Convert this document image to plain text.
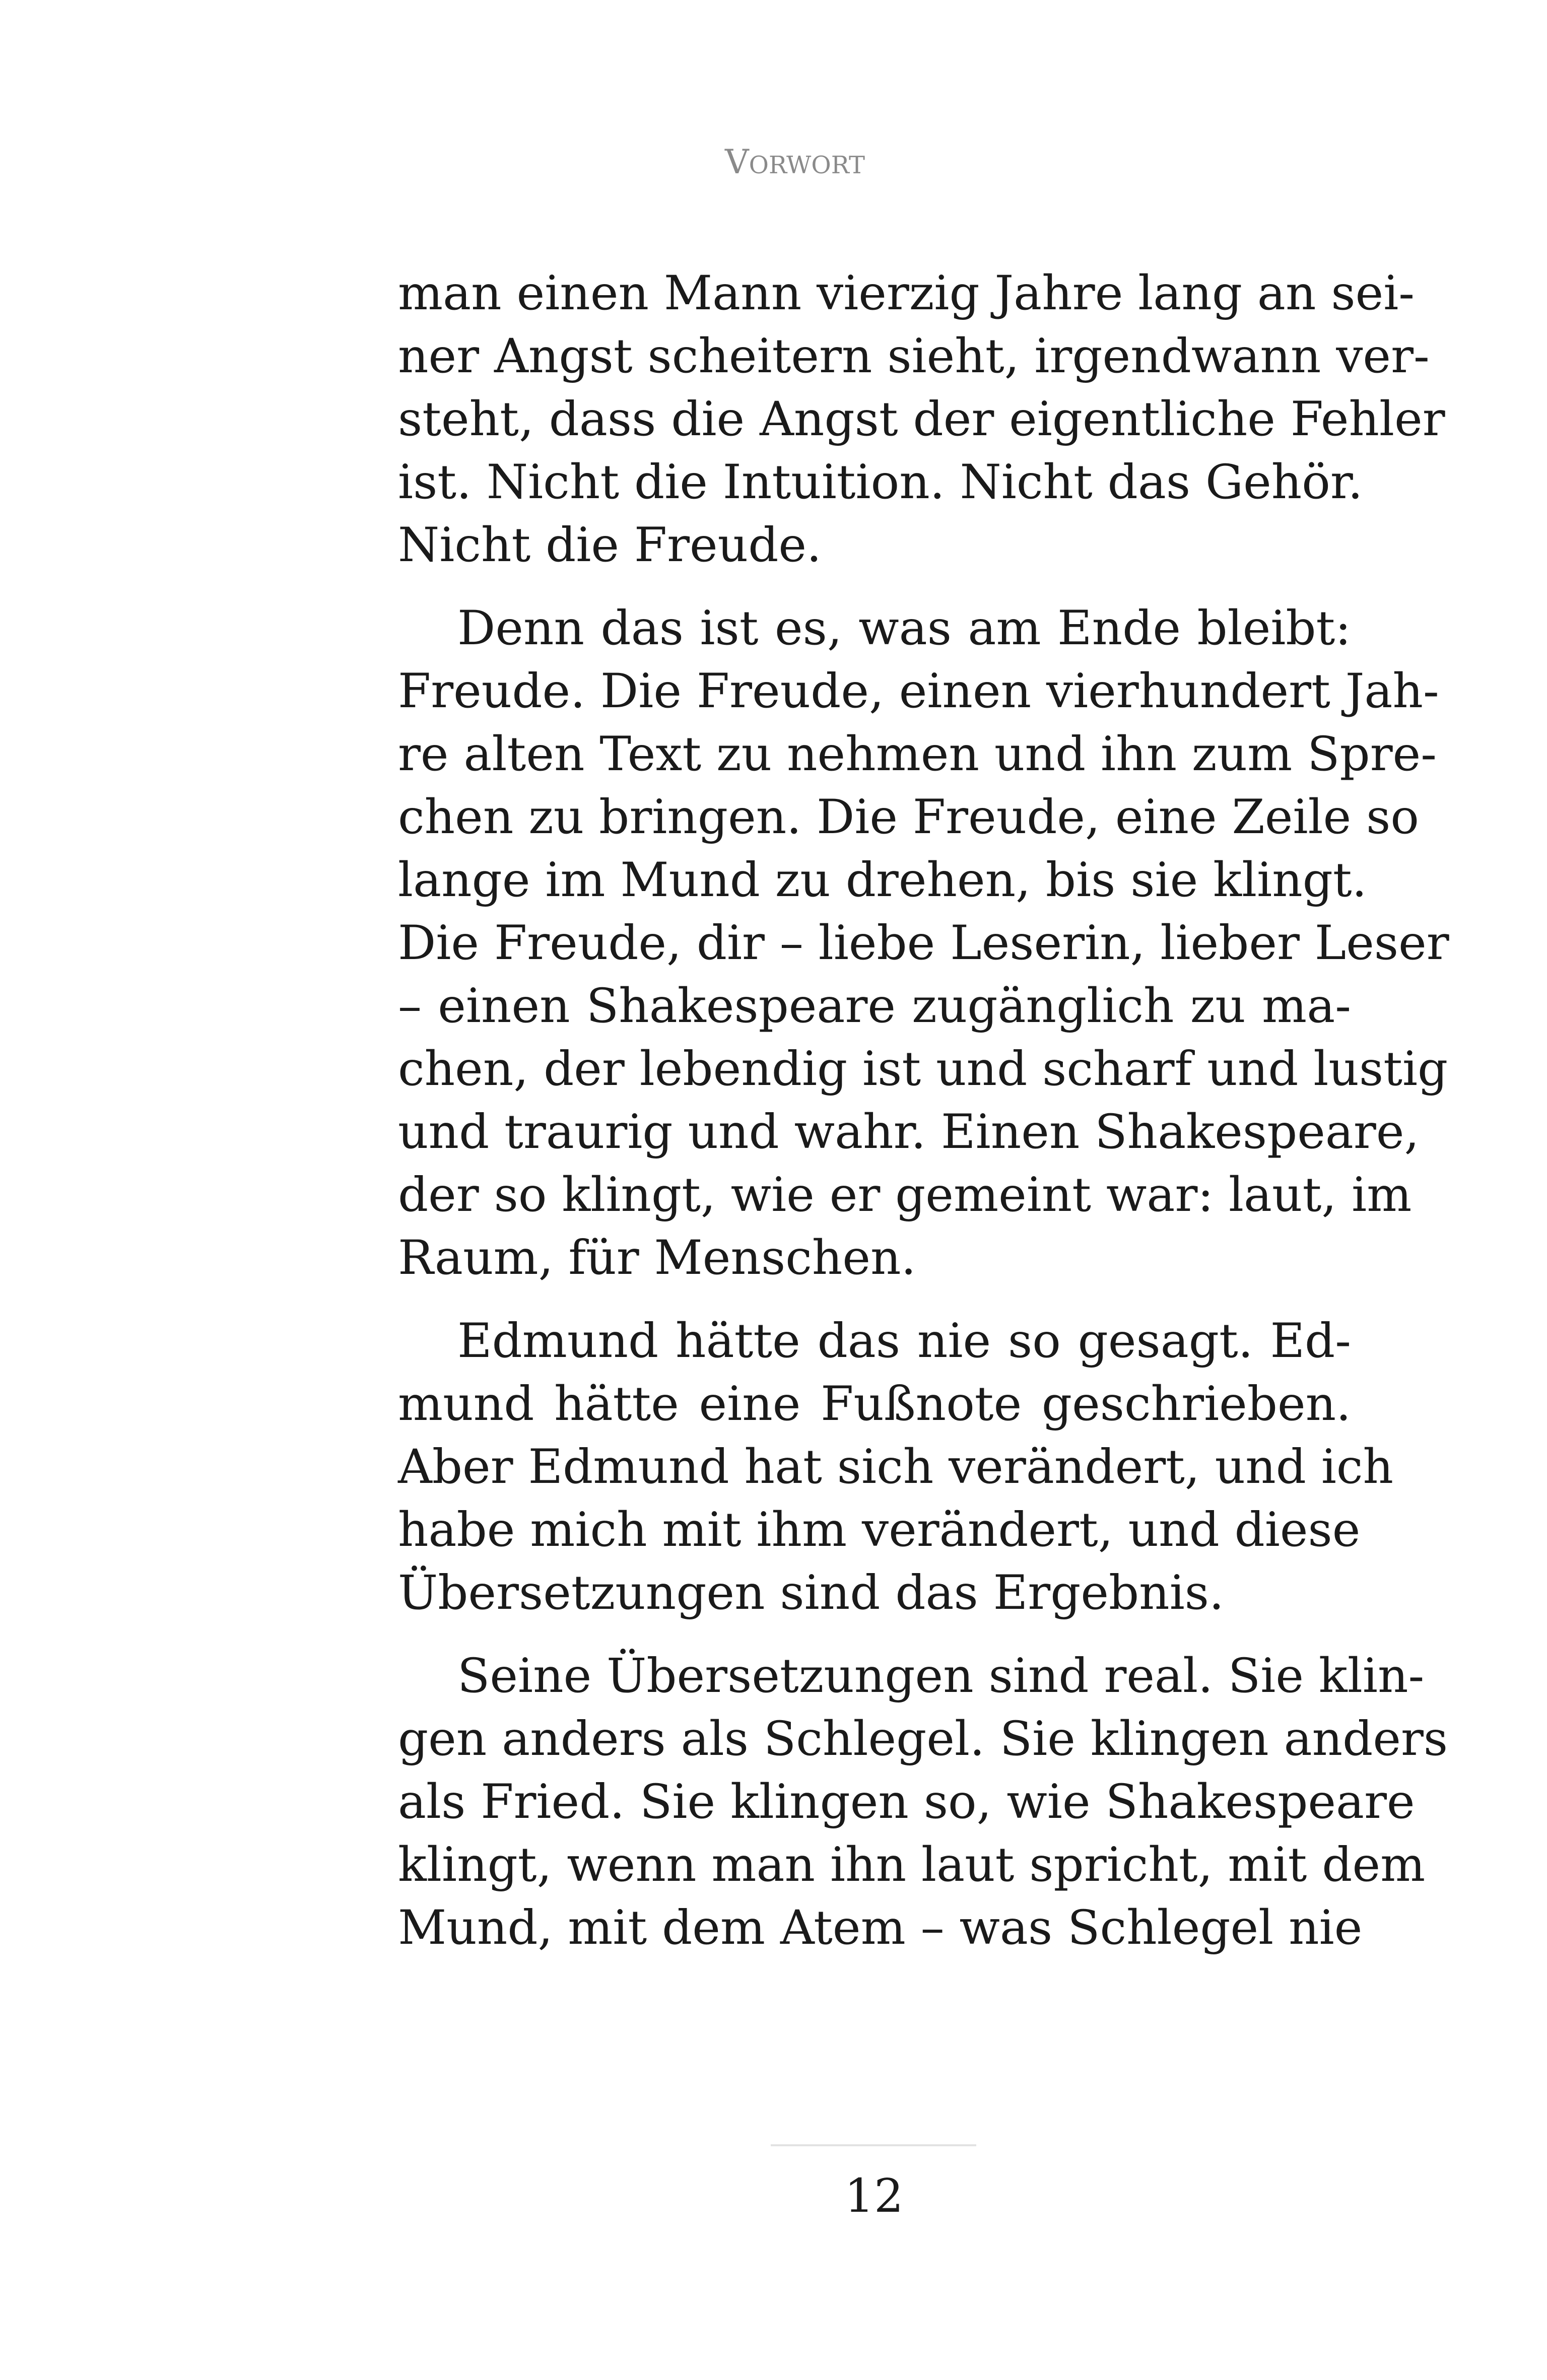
VORWORT
man einen Mann vierzig Jahre lang an sei-
ner Angst scheitern sieht, irgendwann ver-
steht, dass die Angst der eigentliche Fehler
ist. Nicht die Intuition. Nicht das Gehör.
Nicht die Freude.
Denn das ist es, was am Ende bleibt:
Freude. Die Freude, einen vierhundert Jah-
re alten Text zu nehmen und ihn zum Spre-
chen zu bringen. Die Freude, eine Zeile so
lange im Mund zu drehen, bis sie klingt.
Die Freude, dir – liebe Leserin, lieber Leser
– einen Shakespeare zugänglich zu ma-
chen, der lebendig ist und scharf und lustig
und traurig und wahr. Einen Shakespeare,
der so klingt, wie er gemeint war: laut, im
Raum, für Menschen.
Edmund hätte das nie so gesagt. Ed-
mund hätte eine Fußnote geschrieben.
Aber Edmund hat sich verändert, und ich
habe mich mit ihm verändert, und diese
Übersetzungen sind das Ergebnis.
Seine Übersetzungen sind real. Sie klin-
gen anders als Schlegel. Sie klingen anders
als Fried. Sie klingen so, wie Shakespeare
klingt, wenn man ihn laut spricht, mit dem
Mund, mit dem Atem – was Schlegel nie
12
